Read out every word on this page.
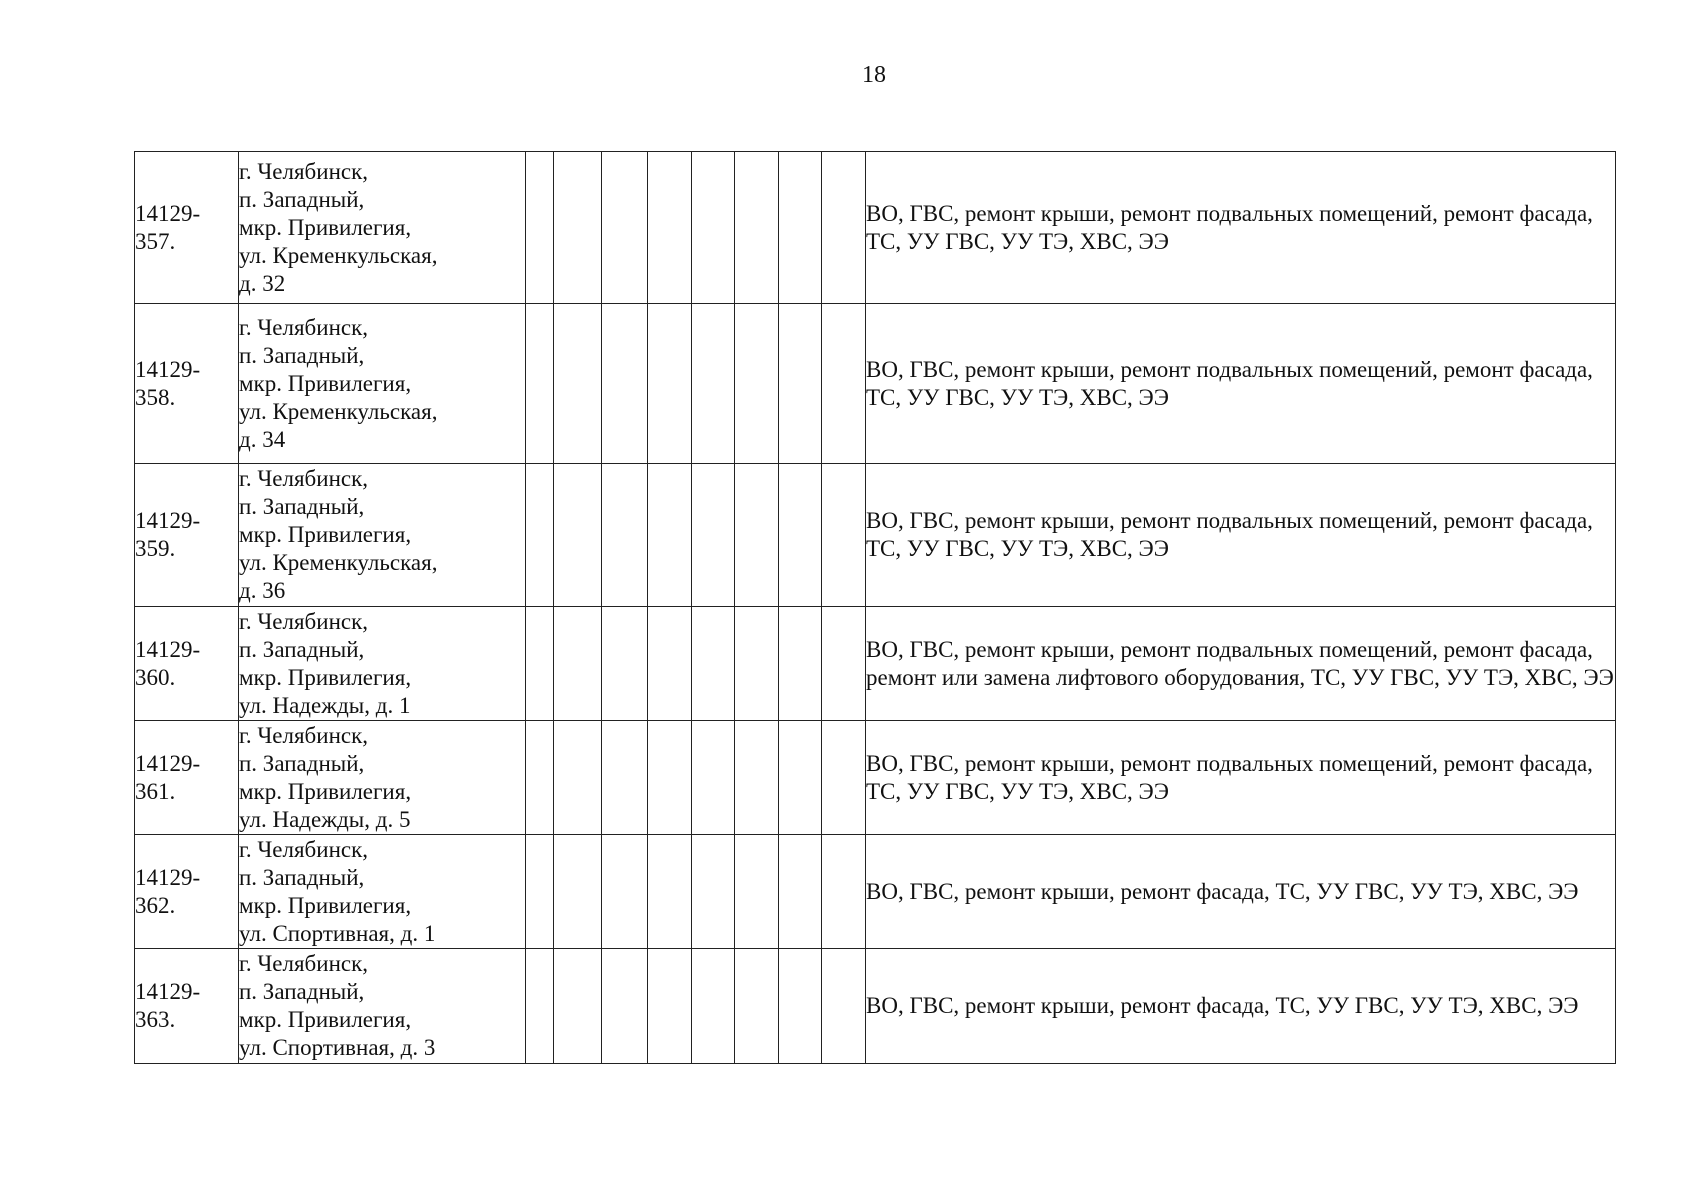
18
14129-
357.	г. Челябинск,
п. Западный,
мкр. Привилегия,
ул. Кременкульская,
д. 32									ВО, ГВС, ремонт крыши, ремонт подвальных помещений, ремонт фасада, ТС, УУ ГВС, УУ ТЭ, ХВС, ЭЭ

14129-
358.	г. Челябинск,
п. Западный,
мкр. Привилегия,
ул. Кременкульская,
д. 34									ВО, ГВС, ремонт крыши, ремонт подвальных помещений, ремонт фасада, ТС, УУ ГВС, УУ ТЭ, ХВС, ЭЭ

14129-
359.	г. Челябинск,
п. Западный,
мкр. Привилегия,
ул. Кременкульская,
д. 36									ВО, ГВС, ремонт крыши, ремонт подвальных помещений, ремонт фасада, ТС, УУ ГВС, УУ ТЭ, ХВС, ЭЭ

14129-
360.	г. Челябинск,
п. Западный,
мкр. Привилегия,
ул. Надежды, д. 1									ВО, ГВС, ремонт крыши, ремонт подвальных помещений, ремонт фасада, ремонт или замена лифтового оборудования, ТС, УУ ГВС, УУ ТЭ, ХВС, ЭЭ

14129-
361.	г. Челябинск,
п. Западный,
мкр. Привилегия,
ул. Надежды, д. 5									ВО, ГВС, ремонт крыши, ремонт подвальных помещений, ремонт фасада, ТС, УУ ГВС, УУ ТЭ, ХВС, ЭЭ

14129-
362.	г. Челябинск,
п. Западный,
мкр. Привилегия,
ул. Спортивная, д. 1									ВО, ГВС, ремонт крыши, ремонт фасада, ТС, УУ ГВС, УУ ТЭ, ХВС, ЭЭ

14129-
363.	г. Челябинск,
п. Западный,
мкр. Привилегия,
ул. Спортивная, д. 3									ВО, ГВС, ремонт крыши, ремонт фасада, ТС, УУ ГВС, УУ ТЭ, ХВС, ЭЭ
